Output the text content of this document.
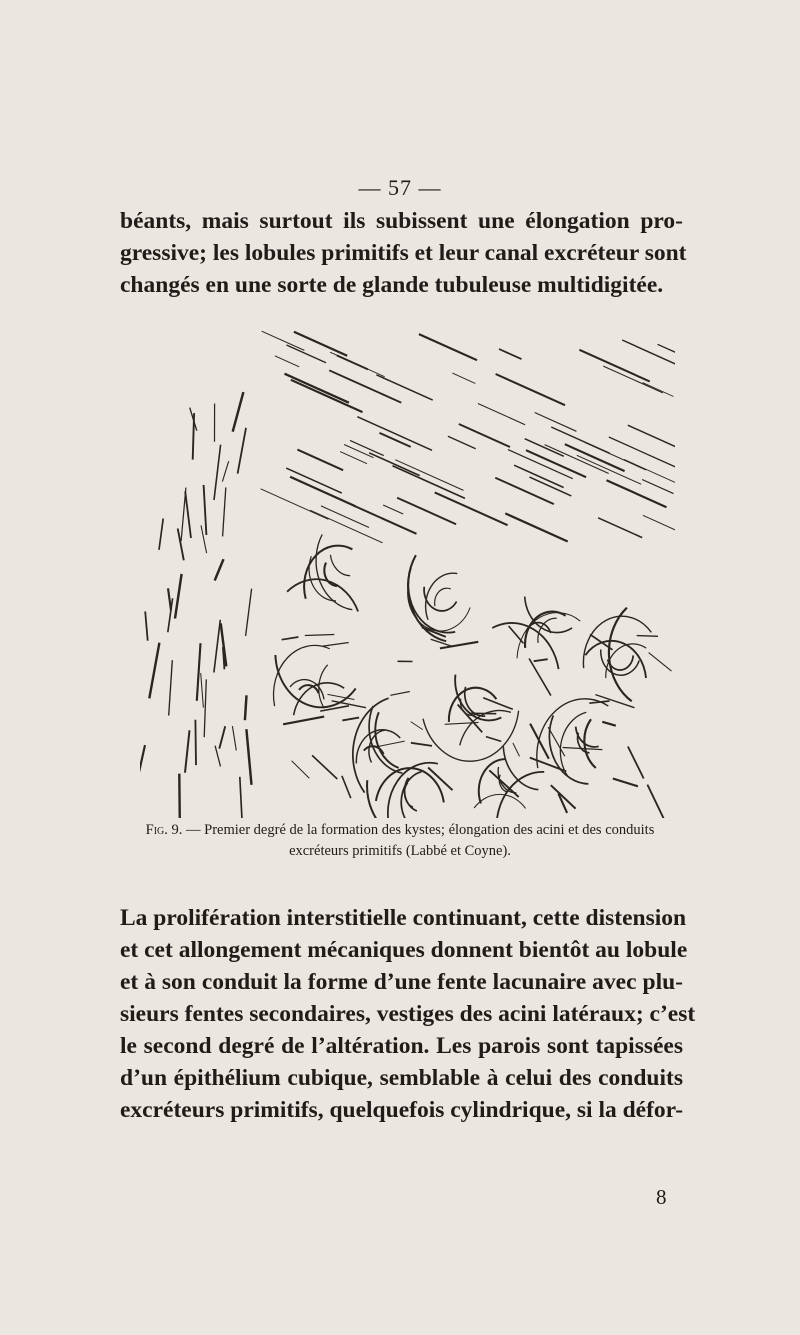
— 57 —

béants, mais surtout ils subissent une élongation pro-
gressive; les lobules primitifs et leur canal excréteur sont
changés en une sorte de glande tubuleuse multidigitée.

Fig. 9. — Premier degré de la formation des kystes; élongation des acini et des conduits
excréteurs primitifs (Labbé et Coyne).

La prolifération interstitielle continuant, cette distension
et cet allongement mécaniques donnent bientôt au lobule
et à son conduit la forme d’une fente lacunaire avec plu-
sieurs fentes secondaires, vestiges des acini latéraux; c’est
le second degré de l’altération. Les parois sont tapissées
d’un épithélium cubique, semblable à celui des conduits
excréteurs primitifs, quelquefois cylindrique, si la défor-

8
